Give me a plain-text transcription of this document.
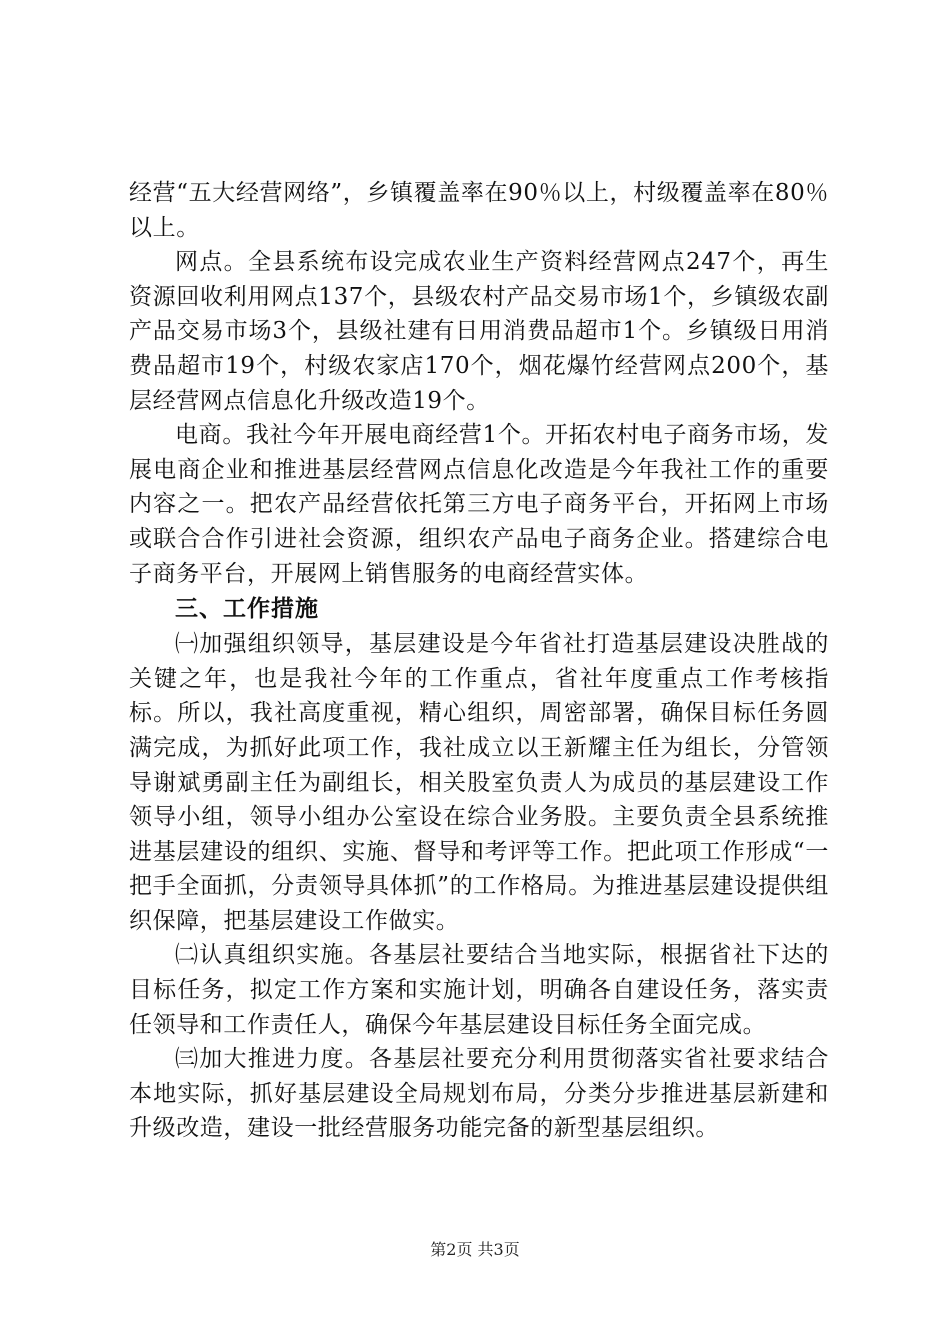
经营“五大经营网络”，乡镇覆盖率在90％以上，村级覆盖率在80％以上。

网点。全县系统布设完成农业生产资料经营网点247个，再生资源回收利用网点137个，县级农村产品交易市场1个，乡镇级农副产品交易市场3个，县级社建有日用消费品超市1个。乡镇级日用消费品超市19个，村级农家店170个，烟花爆竹经营网点200个，基层经营网点信息化升级改造19个。

电商。我社今年开展电商经营1个。开拓农村电子商务市场，发展电商企业和推进基层经营网点信息化改造是今年我社工作的重要内容之一。把农产品经营依托第三方电子商务平台，开拓网上市场或联合合作引进社会资源，组织农产品电子商务企业。搭建综合电子商务平台，开展网上销售服务的电商经营实体。

三、工作措施

㈠加强组织领导，基层建设是今年省社打造基层建设决胜战的关键之年，也是我社今年的工作重点，省社年度重点工作考核指标。所以，我社高度重视，精心组织，周密部署，确保目标任务圆满完成，为抓好此项工作，我社成立以王新耀主任为组长，分管领导谢斌勇副主任为副组长，相关股室负责人为成员的基层建设工作领导小组，领导小组办公室设在综合业务股。主要负责全县系统推进基层建设的组织、实施、督导和考评等工作。把此项工作形成“一把手全面抓，分责领导具体抓”的工作格局。为推进基层建设提供组织保障，把基层建设工作做实。

㈡认真组织实施。各基层社要结合当地实际，根据省社下达的目标任务，拟定工作方案和实施计划，明确各自建设任务，落实责任领导和工作责任人，确保今年基层建设目标任务全面完成。

㈢加大推进力度。各基层社要充分利用贯彻落实省社要求结合本地实际，抓好基层建设全局规划布局，分类分步推进基层新建和升级改造，建设一批经营服务功能完备的新型基层组织。

第2页 共3页
